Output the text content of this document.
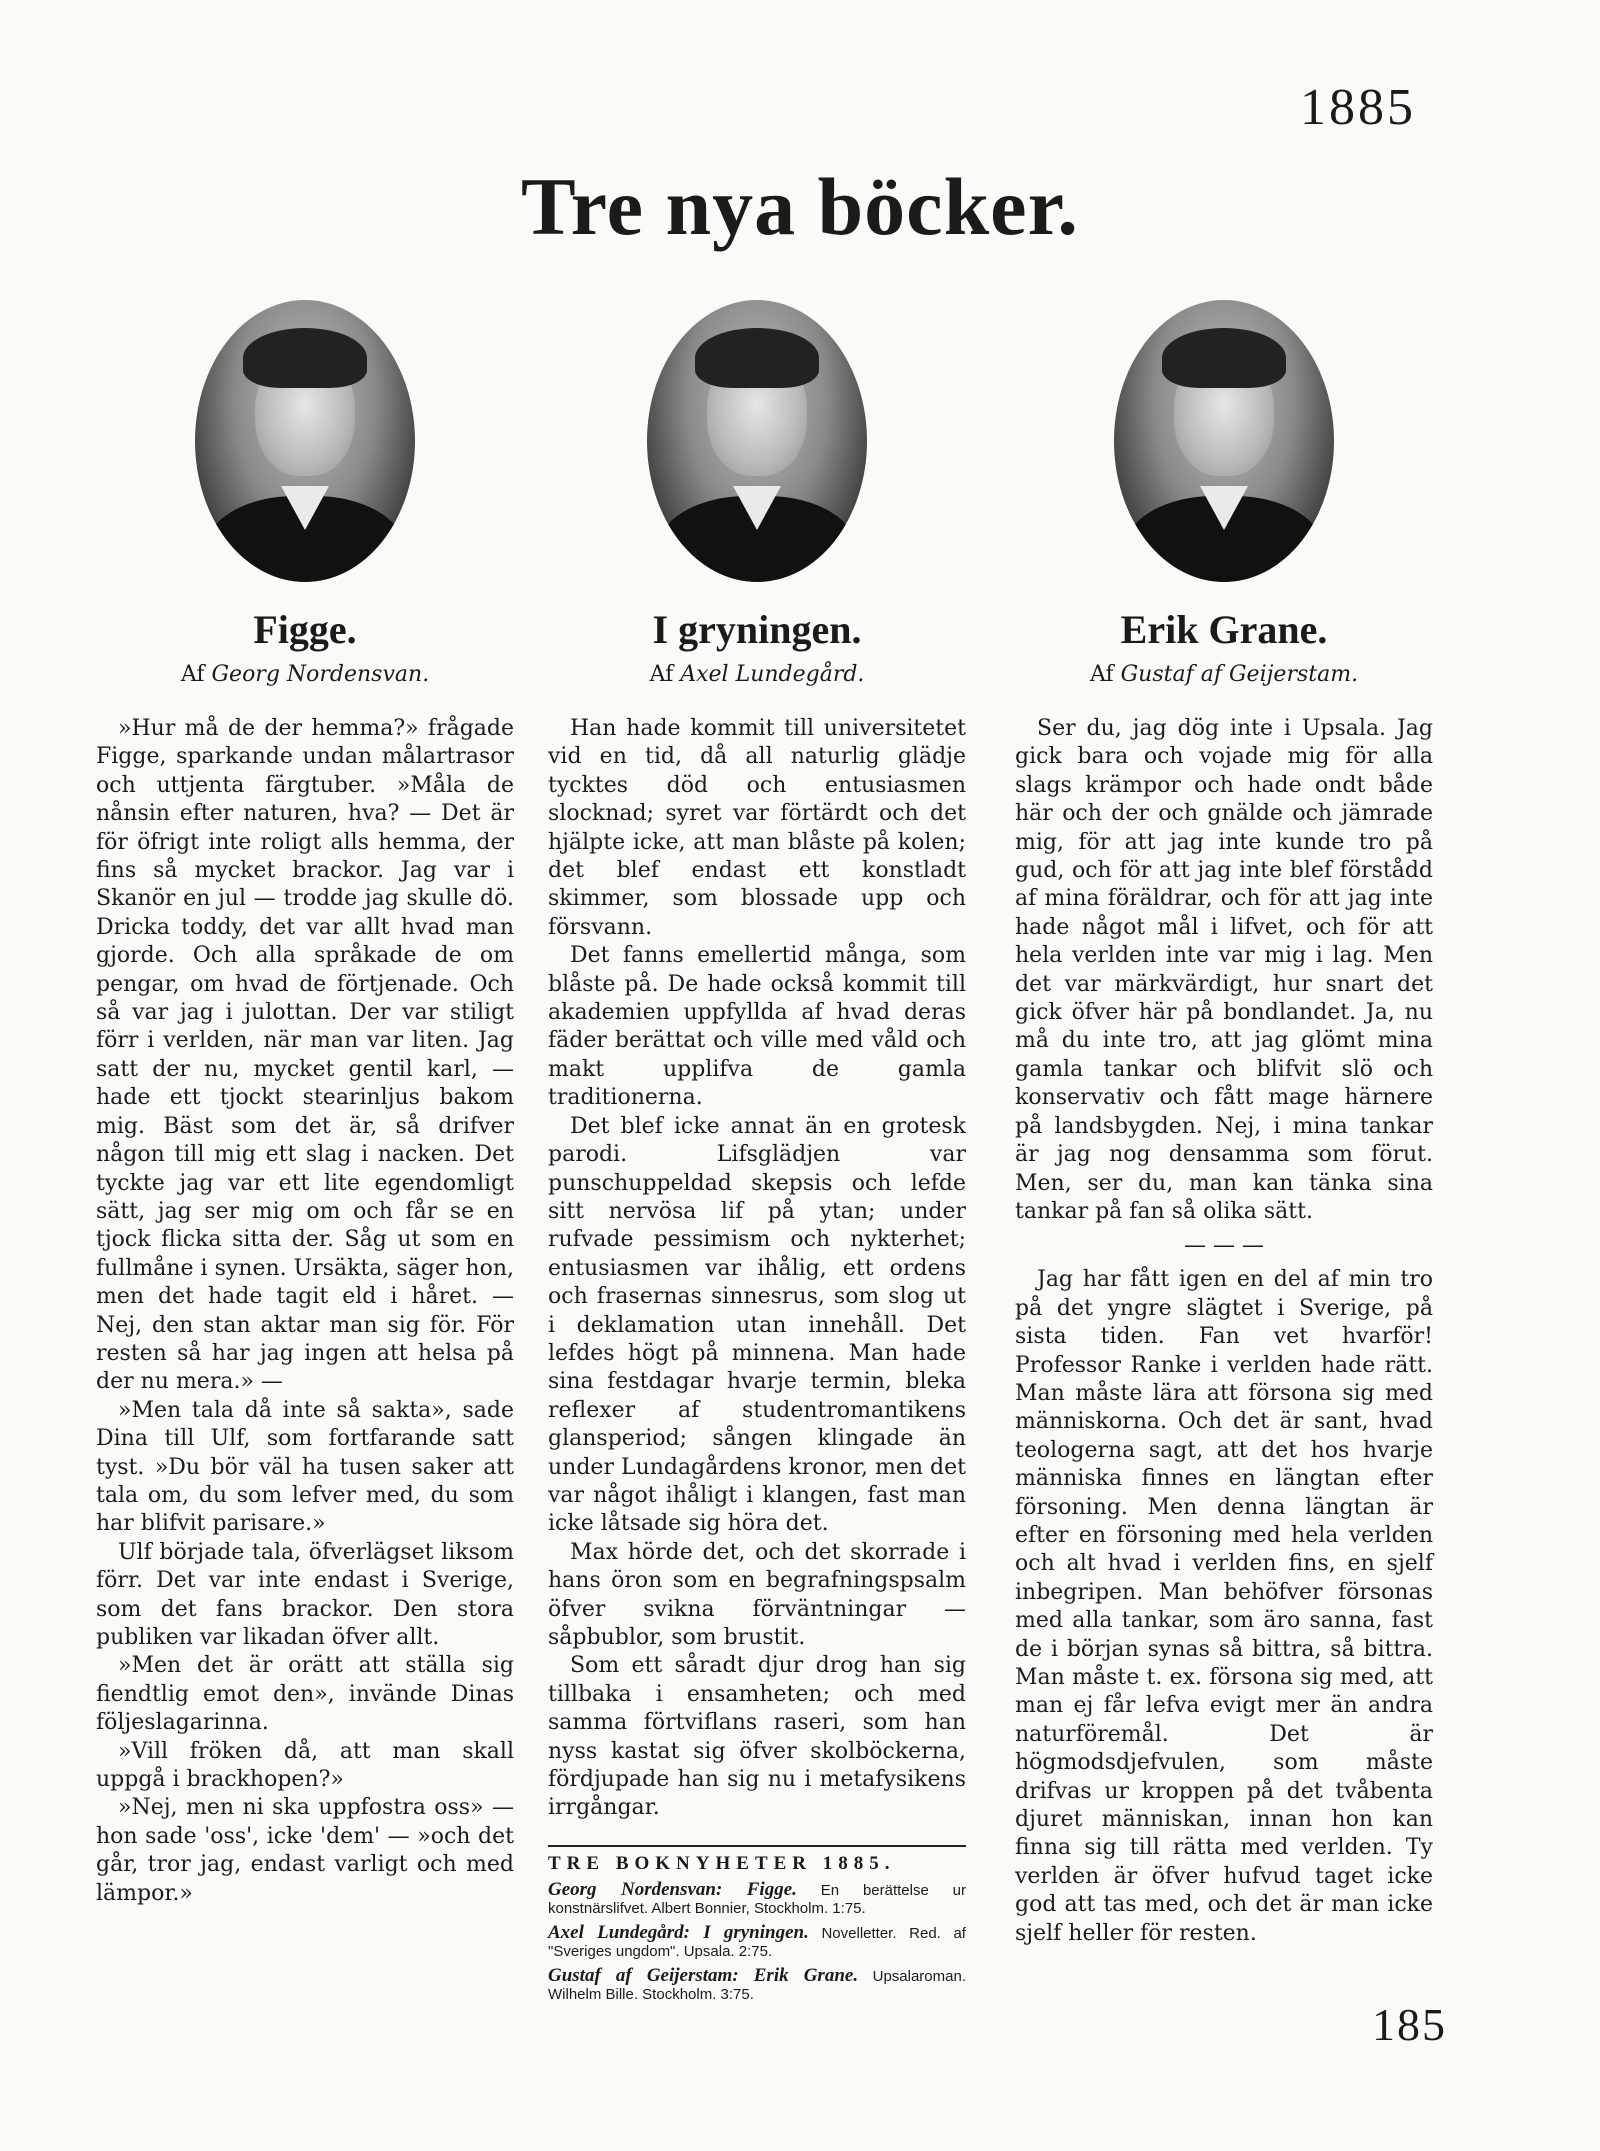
1885
Tre nya böcker.
Figge.
Af Georg Nordensvan.

»Hur må de der hemma?» frågade Figge, sparkande undan målartrasor och uttjenta färgtuber. »Måla de nånsin efter naturen, hva? — Det är för öfrigt inte roligt alls hemma, der fins så mycket brackor. Jag var i Skanör en jul — trodde jag skulle dö. Dricka toddy, det var allt hvad man gjorde. Och alla språkade de om pengar, om hvad de förtjenade. Och så var jag i julottan. Der var stiligt förr i verlden, när man var liten. Jag satt der nu, mycket gentil karl, — hade ett tjockt stearinljus bakom mig. Bäst som det är, så drifver någon till mig ett slag i nacken. Det tyckte jag var ett lite egendomligt sätt, jag ser mig om och får se en tjock flicka sitta der. Såg ut som en fullmåne i synen. Ursäkta, säger hon, men det hade tagit eld i håret. — Nej, den stan aktar man sig för. För resten så har jag ingen att helsa på der nu mera.» —

»Men tala då inte så sakta», sade Dina till Ulf, som fortfarande satt tyst. »Du bör väl ha tusen saker att tala om, du som lefver med, du som har blifvit parisare.»

Ulf började tala, öfverlägset liksom förr. Det var inte endast i Sverige, som det fans brackor. Den stora publiken var likadan öfver allt.

»Men det är orätt att ställa sig fiendtlig emot den», invände Dinas följeslagarinna.

»Vill fröken då, att man skall uppgå i brackhopen?»

»Nej, men ni ska uppfostra oss» — hon sade 'oss', icke 'dem' — »och det går, tror jag, endast varligt och med lämpor.»

I gryningen.
Af Axel Lundegård.

Han hade kommit till universitetet vid en tid, då all naturlig glädje tycktes död och entusiasmen slocknad; syret var förtärdt och det hjälpte icke, att man blåste på kolen; det blef endast ett konstladt skimmer, som blossade upp och försvann.

Det fanns emellertid många, som blåste på. De hade också kommit till akademien uppfyllda af hvad deras fäder berättat och ville med våld och makt upplifva de gamla traditionerna.

Det blef icke annat än en grotesk parodi. Lifsglädjen var punschuppeldad skepsis och lefde sitt nervösa lif på ytan; under rufvade pessimism och nykterhet; entusiasmen var ihålig, ett ordens och frasernas sinnesrus, som slog ut i deklamation utan innehåll. Det lefdes högt på minnena. Man hade sina festdagar hvarje termin, bleka reflexer af studentromantikens glansperiod; sången klingade än under Lundagårdens kronor, men det var något ihåligt i klangen, fast man icke låtsade sig höra det.

Max hörde det, och det skorrade i hans öron som en begrafningspsalm öfver svikna förväntningar — såpbublor, som brustit.

Som ett såradt djur drog han sig tillbaka i ensamheten; och med samma förtviflans raseri, som han nyss kastat sig öfver skolböckerna, fördjupade han sig nu i metafysikens irrgångar.

TRE BOKNYHETER 1885.
Georg Nordensvan: Figge. En berättelse ur konstnärslifvet. Albert Bonnier, Stockholm. 1:75.
Axel Lundegård: I gryningen. Novelletter. Red. af "Sveriges ungdom". Upsala. 2:75.
Gustaf af Geijerstam: Erik Grane. Upsalaroman. Wilhelm Bille. Stockholm. 3:75.
Erik Grane.
Af Gustaf af Geijerstam.

Ser du, jag dög inte i Upsala. Jag gick bara och vojade mig för alla slags krämpor och hade ondt både här och der och gnälde och jämrade mig, för att jag inte kunde tro på gud, och för att jag inte blef förstådd af mina föräldrar, och för att jag inte hade något mål i lifvet, och för att hela verlden inte var mig i lag. Men det var märkvärdigt, hur snart det gick öfver här på bondlandet. Ja, nu må du inte tro, att jag glömt mina gamla tankar och blifvit slö och konservativ och fått mage härnere på landsbygden. Nej, i mina tankar är jag nog densamma som förut. Men, ser du, man kan tänka sina tankar på fan så olika sätt.

— — —

Jag har fått igen en del af min tro på det yngre slägtet i Sverige, på sista tiden. Fan vet hvarför! Professor Ranke i verlden hade rätt. Man måste lära att försona sig med människorna. Och det är sant, hvad teologerna sagt, att det hos hvarje människa finnes en längtan efter försoning. Men denna längtan är efter en försoning med hela verlden och alt hvad i verlden fins, en sjelf inbegripen. Man behöfver försonas med alla tankar, som äro sanna, fast de i början synas så bittra, så bittra. Man måste t. ex. försona sig med, att man ej får lefva evigt mer än andra naturföremål. Det är högmodsdjefvulen, som måste drifvas ur kroppen på det tvåbenta djuret människan, innan hon kan finna sig till rätta med verlden. Ty verlden är öfver hufvud taget icke god att tas med, och det är man icke sjelf heller för resten.

185
